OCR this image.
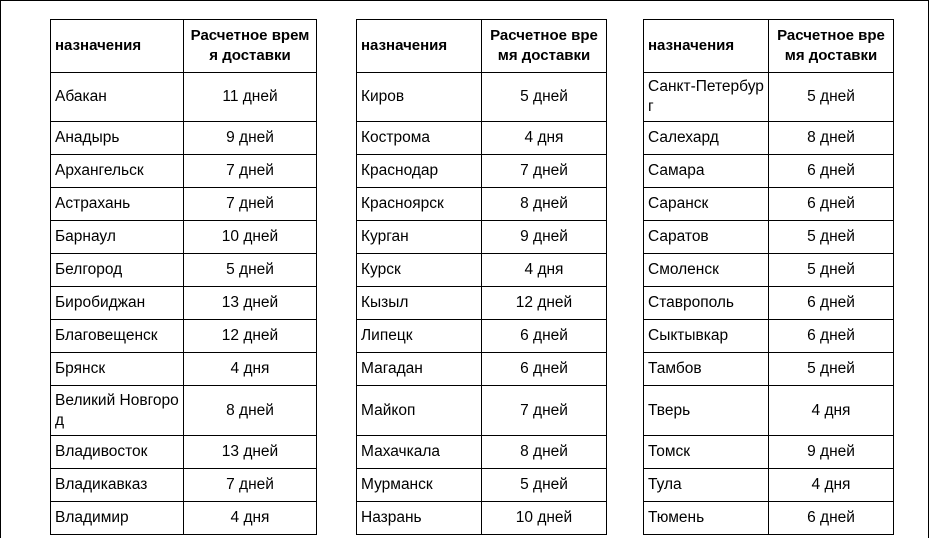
назначения	Расчетное время доставки
Абакан	11 дней
Анадырь	9 дней
Архангельск	7 дней
Астрахань	7 дней
Барнаул	10 дней
Белгород	5 дней
Биробиджан	13 дней
Благовещенск	12 дней
Брянск	4 дня
Великий Новгород	8 дней
Владивосток	13 дней
Владикавказ	7 дней
Владимир	4 дня
назначения	Расчетное время доставки
Киров	5 дней
Кострома	4 дня
Краснодар	7 дней
Красноярск	8 дней
Курган	9 дней
Курск	4 дня
Кызыл	12 дней
Липецк	6 дней
Магадан	6 дней
Майкоп	7 дней
Махачкала	8 дней
Мурманск	5 дней
Назрань	10 дней
назначения	Расчетное время доставки
Санкт-Петербург	5 дней
Салехард	8 дней
Самара	6 дней
Саранск	6 дней
Саратов	5 дней
Смоленск	5 дней
Ставрополь	6 дней
Сыктывкар	6 дней
Тамбов	5 дней
Тверь	4 дня
Томск	9 дней
Тула	4 дня
Тюмень	6 дней
